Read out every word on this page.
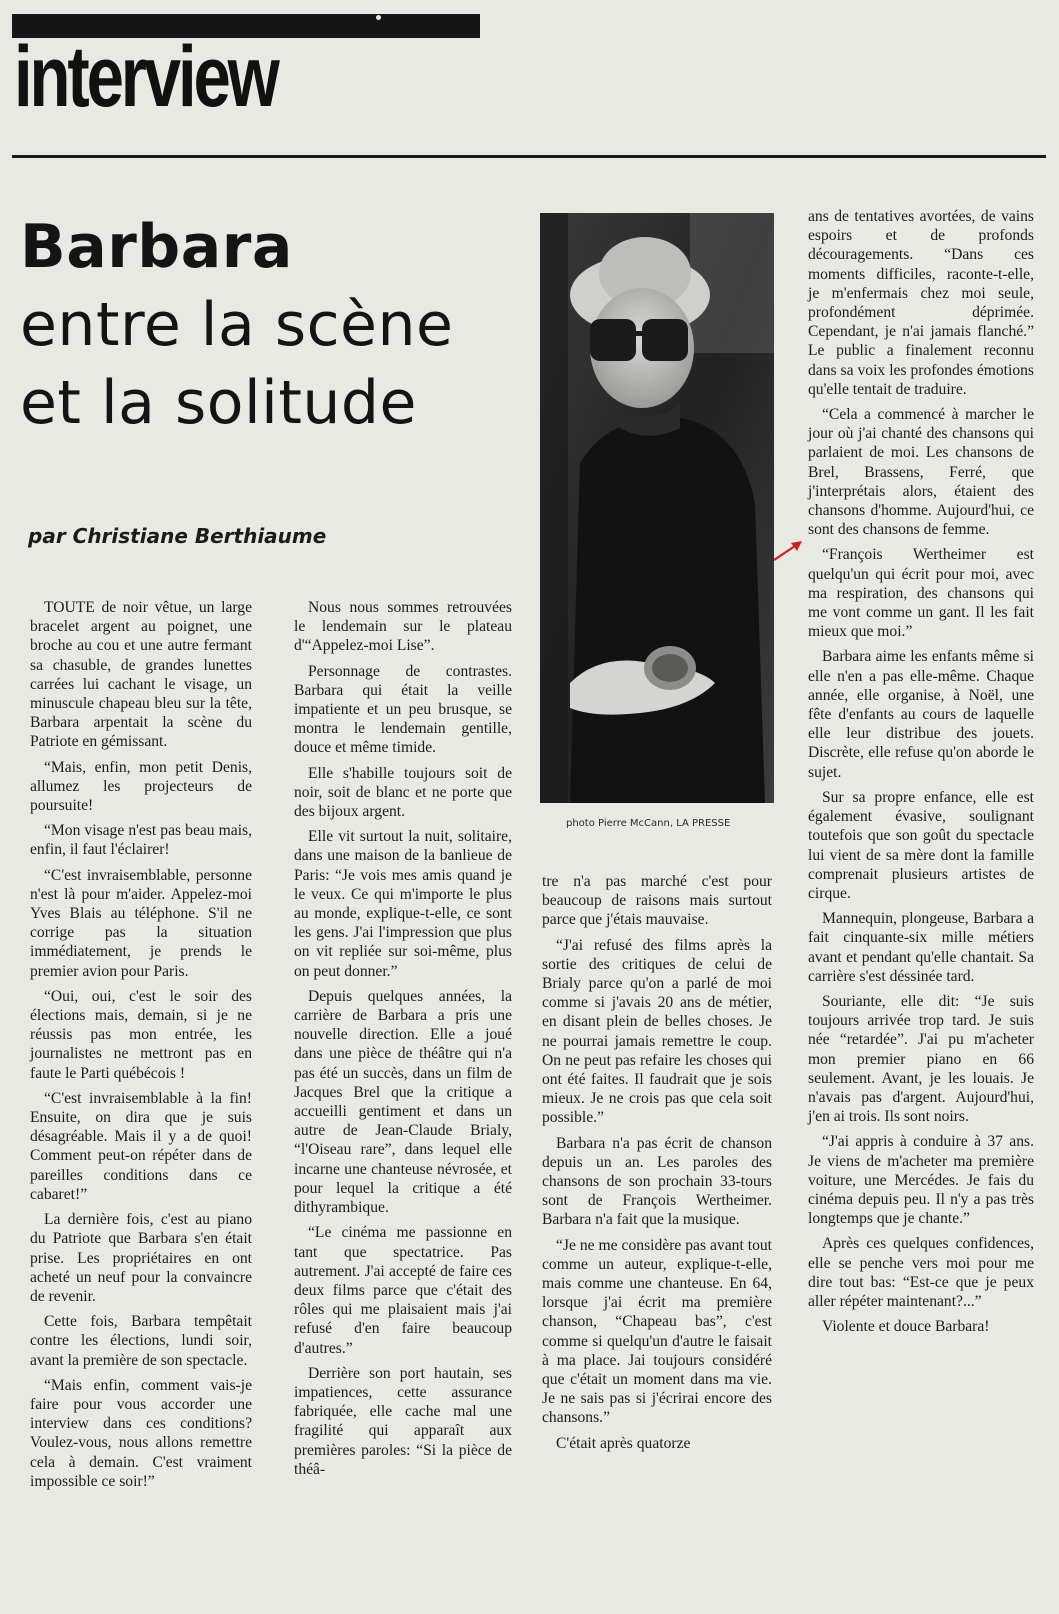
interview
Barbara
entre la scène
et la solitude
par Christiane Berthiaume
photo Pierre McCann, LA PRESSE

TOUTE de noir vêtue, un large bracelet argent au poignet, une broche au cou et une autre fermant sa chasuble, de grandes lunettes carrées lui cachant le visage, un minuscule chapeau bleu sur la tête, Barbara arpentait la scène du Patriote en gémissant.

“Mais, enfin, mon petit Denis, allumez les projecteurs de poursuite!

“Mon visage n'est pas beau mais, enfin, il faut l'éclairer!

“C'est invraisemblable, personne n'est là pour m'aider. Appelez-moi Yves Blais au téléphone. S'il ne corrige pas la situation immédiatement, je prends le premier avion pour Paris.

“Oui, oui, c'est le soir des élections mais, demain, si je ne réussis pas mon entrée, les journalistes ne mettront pas en faute le Parti québécois !

“C'est invraisemblable à la fin! Ensuite, on dira que je suis désagréable. Mais il y a de quoi! Comment peut-on répéter dans de pareilles conditions dans ce cabaret!”

La dernière fois, c'est au piano du Patriote que Barbara s'en était prise. Les propriétaires en ont acheté un neuf pour la convaincre de revenir.

Cette fois, Barbara tempêtait contre les élections, lundi soir, avant la première de son spectacle.

“Mais enfin, comment vais-je faire pour vous accorder une interview dans ces conditions? Voulez-vous, nous allons remettre cela à demain. C'est vraiment impossible ce soir!”

Nous nous sommes retrouvées le lendemain sur le plateau d'“Appelez-moi Lise”.

Personnage de contrastes. Barbara qui était la veille impatiente et un peu brusque, se montra le lendemain gentille, douce et même timide.

Elle s'habille toujours soit de noir, soit de blanc et ne porte que des bijoux argent.

Elle vit surtout la nuit, solitaire, dans une maison de la banlieue de Paris: “Je vois mes amis quand je le veux. Ce qui m'importe le plus au monde, explique-t-elle, ce sont les gens. J'ai l'impression que plus on vit repliée sur soi-même, plus on peut donner.”

Depuis quelques années, la carrière de Barbara a pris une nouvelle direction. Elle a joué dans une pièce de théâtre qui n'a pas été un succès, dans un film de Jacques Brel que la critique a accueilli gentiment et dans un autre de Jean-Claude Brialy, “l'Oiseau rare”, dans lequel elle incarne une chanteuse névrosée, et pour lequel la critique a été dithyrambique.

“Le cinéma me passionne en tant que spectatrice. Pas autrement. J'ai accepté de faire ces deux films parce que c'était des rôles qui me plaisaient mais j'ai refusé d'en faire beaucoup d'autres.”

Derrière son port hautain, ses impatiences, cette assurance fabriquée, elle cache mal une fragilité qui apparaît aux premières paroles: “Si la pièce de théâ-

tre n'a pas marché c'est pour beaucoup de raisons mais surtout parce que j'étais mauvaise.

“J'ai refusé des films après la sortie des critiques de celui de Brialy parce qu'on a parlé de moi comme si j'avais 20 ans de métier, en disant plein de belles choses. Je ne pourrai jamais remettre le coup. On ne peut pas refaire les choses qui ont été faites. Il faudrait que je sois mieux. Je ne crois pas que cela soit possible.”

Barbara n'a pas écrit de chanson depuis un an. Les paroles des chansons de son prochain 33-tours sont de François Wertheimer. Barbara n'a fait que la musique.

“Je ne me considère pas avant tout comme un auteur, explique-t-elle, mais comme une chanteuse. En 64, lorsque j'ai écrit ma première chanson, “Chapeau bas”, c'est comme si quelqu'un d'autre le faisait à ma place. Jai toujours considéré que c'était un moment dans ma vie. Je ne sais pas si j'écrirai encore des chansons.”

C'était après quatorze

ans de tentatives avortées, de vains espoirs et de profonds découragements. “Dans ces moments difficiles, raconte-t-elle, je m'enfermais chez moi seule, profondément déprimée. Cependant, je n'ai jamais flanché.” Le public a finalement reconnu dans sa voix les profondes émotions qu'elle tentait de traduire.

“Cela a commencé à marcher le jour où j'ai chanté des chansons qui parlaient de moi. Les chansons de Brel, Brassens, Ferré, que j'interprétais alors, étaient des chansons d'homme. Aujourd'hui, ce sont des chansons de femme.

“François Wertheimer est quelqu'un qui écrit pour moi, avec ma respiration, des chansons qui me vont comme un gant. Il les fait mieux que moi.”

Barbara aime les enfants même si elle n'en a pas elle-même. Chaque année, elle organise, à Noël, une fête d'enfants au cours de laquelle elle leur distribue des jouets. Discrète, elle refuse qu'on aborde le sujet.

Sur sa propre enfance, elle est également évasive, soulignant toutefois que son goût du spectacle lui vient de sa mère dont la famille comprenait plusieurs artistes de cirque.

Mannequin, plongeuse, Barbara a fait cinquante-six mille métiers avant et pendant qu'elle chantait. Sa carrière s'est déssinée tard.

Souriante, elle dit: “Je suis toujours arrivée trop tard. Je suis née “retardée”. J'ai pu m'acheter mon premier piano en 66 seulement. Avant, je les louais. Je n'avais pas d'argent. Aujourd'hui, j'en ai trois. Ils sont noirs.

“J'ai appris à conduire à 37 ans. Je viens de m'acheter ma première voiture, une Mercédes. Je fais du cinéma depuis peu. Il n'y a pas très longtemps que je chante.”

Après ces quelques confidences, elle se penche vers moi pour me dire tout bas: “Est-ce que je peux aller répéter maintenant?...”

Violente et douce Barbara!
